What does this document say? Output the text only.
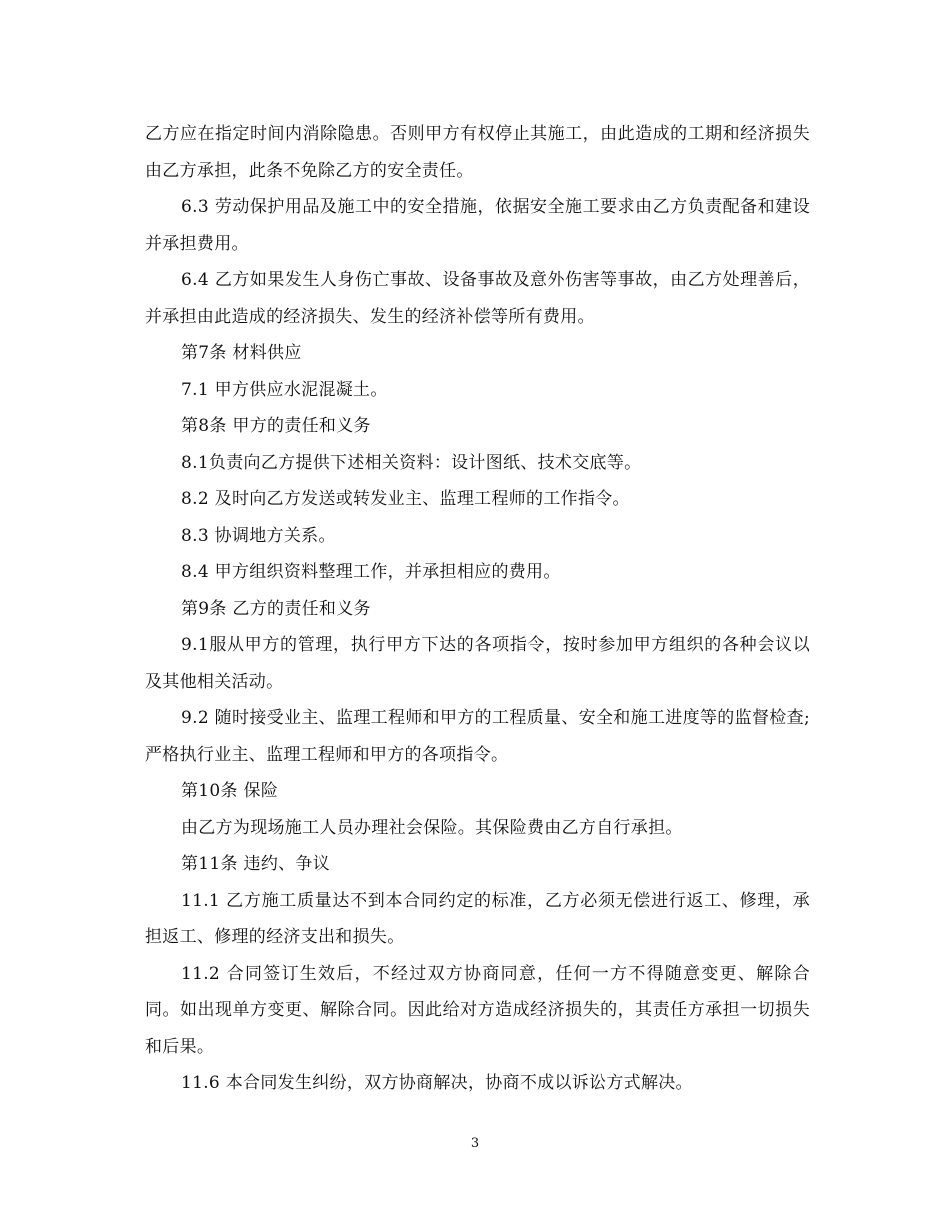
乙方应在指定时间内消除隐患。否则甲方有权停止其施工，由此造成的工期和经济损失由乙方承担，此条不免除乙方的安全责任。

6.3 劳动保护用品及施工中的安全措施，依据安全施工要求由乙方负责配备和建设并承担费用。

6.4 乙方如果发生人身伤亡事故、设备事故及意外伤害等事故，由乙方处理善后，并承担由此造成的经济损失、发生的经济补偿等所有费用。

第7条 材料供应

7.1 甲方供应水泥混凝土。

第8条 甲方的责任和义务

8.1负责向乙方提供下述相关资料：设计图纸、技术交底等。

8.2 及时向乙方发送或转发业主、监理工程师的工作指令。

8.3 协调地方关系。

8.4 甲方组织资料整理工作，并承担相应的费用。

第9条 乙方的责任和义务

9.1服从甲方的管理，执行甲方下达的各项指令，按时参加甲方组织的各种会议以及其他相关活动。

9.2 随时接受业主、监理工程师和甲方的工程质量、安全和施工进度等的监督检查;严格执行业主、监理工程师和甲方的各项指令。

第10条 保险

由乙方为现场施工人员办理社会保险。其保险费由乙方自行承担。

第11条 违约、争议

11.1 乙方施工质量达不到本合同约定的标准，乙方必须无偿进行返工、修理，承担返工、修理的经济支出和损失。

11.2 合同签订生效后，不经过双方协商同意，任何一方不得随意变更、解除合同。如出现单方变更、解除合同。因此给对方造成经济损失的，其责任方承担一切损失和后果。

11.6 本合同发生纠纷，双方协商解决，协商不成以诉讼方式解决。

3
